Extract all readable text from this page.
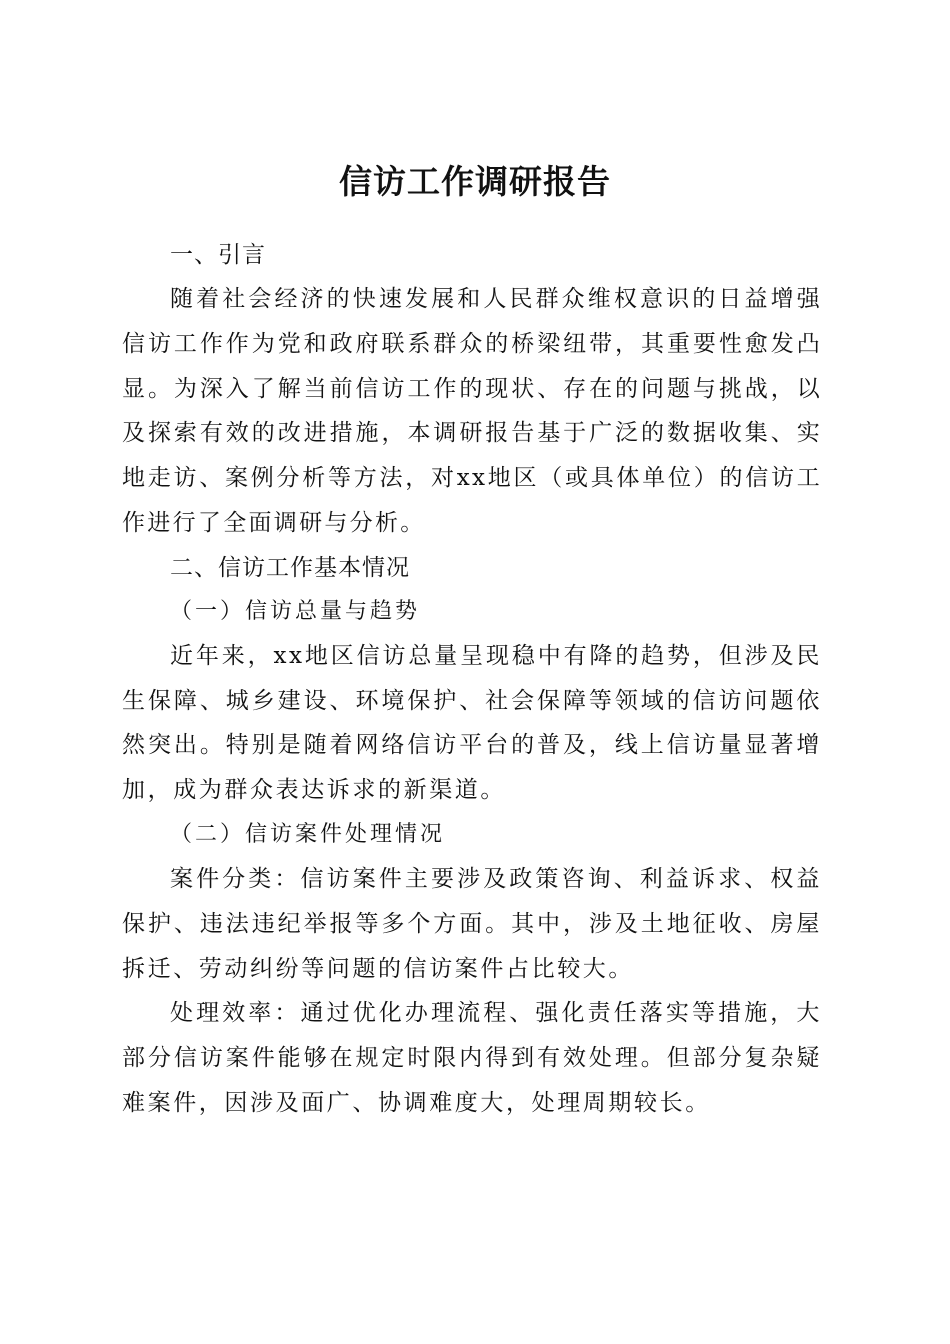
信访工作调研报告
一、引言

随着社会经济的快速发展和人民群众维权意识的日益增强信访工作作为党和政府联系群众的桥梁纽带，其重要性愈发凸显。为深入了解当前信访工作的现状、存在的问题与挑战，以及探索有效的改进措施，本调研报告基于广泛的数据收集、实地走访、案例分析等方法，对xx地区（或具体单位）的信访工作进行了全面调研与分析。

二、信访工作基本情况
（一）信访总量与趋势

近年来，xx地区信访总量呈现稳中有降的趋势，但涉及民生保障、城乡建设、环境保护、社会保障等领域的信访问题依然突出。特别是随着网络信访平台的普及，线上信访量显著增加，成为群众表达诉求的新渠道。

（二）信访案件处理情况

案件分类：信访案件主要涉及政策咨询、利益诉求、权益保护、违法违纪举报等多个方面。其中，涉及土地征收、房屋拆迁、劳动纠纷等问题的信访案件占比较大。

处理效率：通过优化办理流程、强化责任落实等措施，大部分信访案件能够在规定时限内得到有效处理。但部分复杂疑难案件，因涉及面广、协调难度大，处理周期较长。
